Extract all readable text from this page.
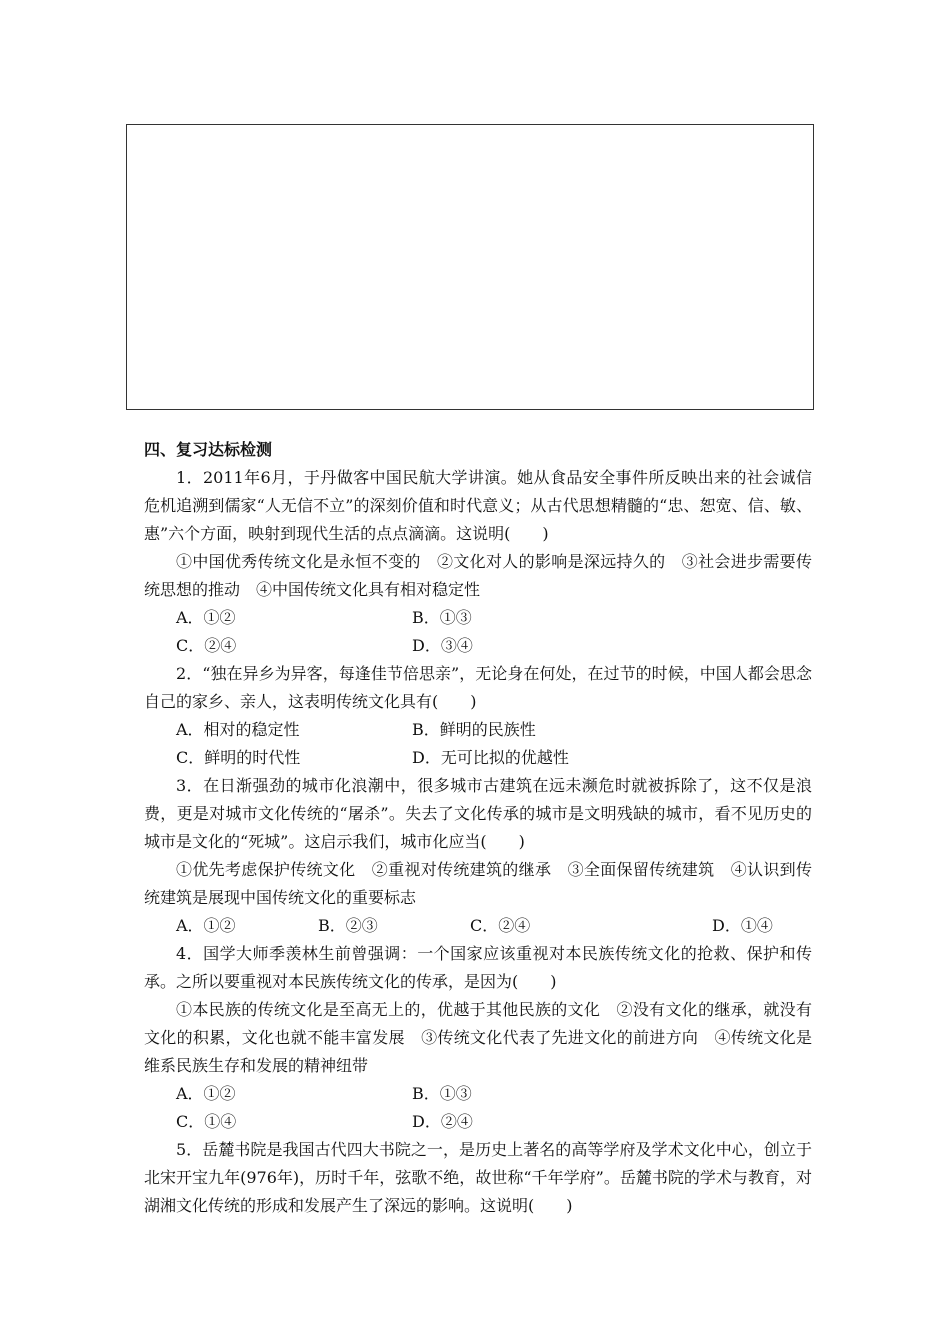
四、复习达标检测
1．2011年6月，于丹做客中国民航大学讲演。她从食品安全事件所反映出来的社会诚信危机追溯到儒家“人无信不立”的深刻价值和时代意义；从古代思想精髓的“忠、恕宽、信、敏、惠”六个方面，映射到现代生活的点点滴滴。这说明(　　)
①中国优秀传统文化是永恒不变的　②文化对人的影响是深远持久的　③社会进步需要传统思想的推动　④中国传统文化具有相对稳定性
A．①②	B．①③
C．②④	D．③④
2．“独在异乡为异客，每逢佳节倍思亲”，无论身在何处，在过节的时候，中国人都会思念自己的家乡、亲人，这表明传统文化具有(　　)
A．相对的稳定性	B．鲜明的民族性
C．鲜明的时代性	D．无可比拟的优越性
3．在日渐强劲的城市化浪潮中，很多城市古建筑在远未濒危时就被拆除了，这不仅是浪费，更是对城市文化传统的“屠杀”。失去了文化传承的城市是文明残缺的城市，看不见历史的城市是文化的“死城”。这启示我们，城市化应当(　　)
①优先考虑保护传统文化　②重视对传统建筑的继承　③全面保留传统建筑　④认识到传统建筑是展现中国传统文化的重要标志
A．①②	B．②③	C．②④	D．①④
4．国学大师季羡林生前曾强调：一个国家应该重视对本民族传统文化的抢救、保护和传承。之所以要重视对本民族传统文化的传承，是因为(　　)
①本民族的传统文化是至高无上的，优越于其他民族的文化　②没有文化的继承，就没有文化的积累，文化也就不能丰富发展　③传统文化代表了先进文化的前进方向　④传统文化是维系民族生存和发展的精神纽带
A．①②	B．①③
C．①④	D．②④
5．岳麓书院是我国古代四大书院之一，是历史上著名的高等学府及学术文化中心，创立于北宋开宝九年(976年)，历时千年，弦歌不绝，故世称“千年学府”。岳麓书院的学术与教育，对湖湘文化传统的形成和发展产生了深远的影响。这说明(　　)
